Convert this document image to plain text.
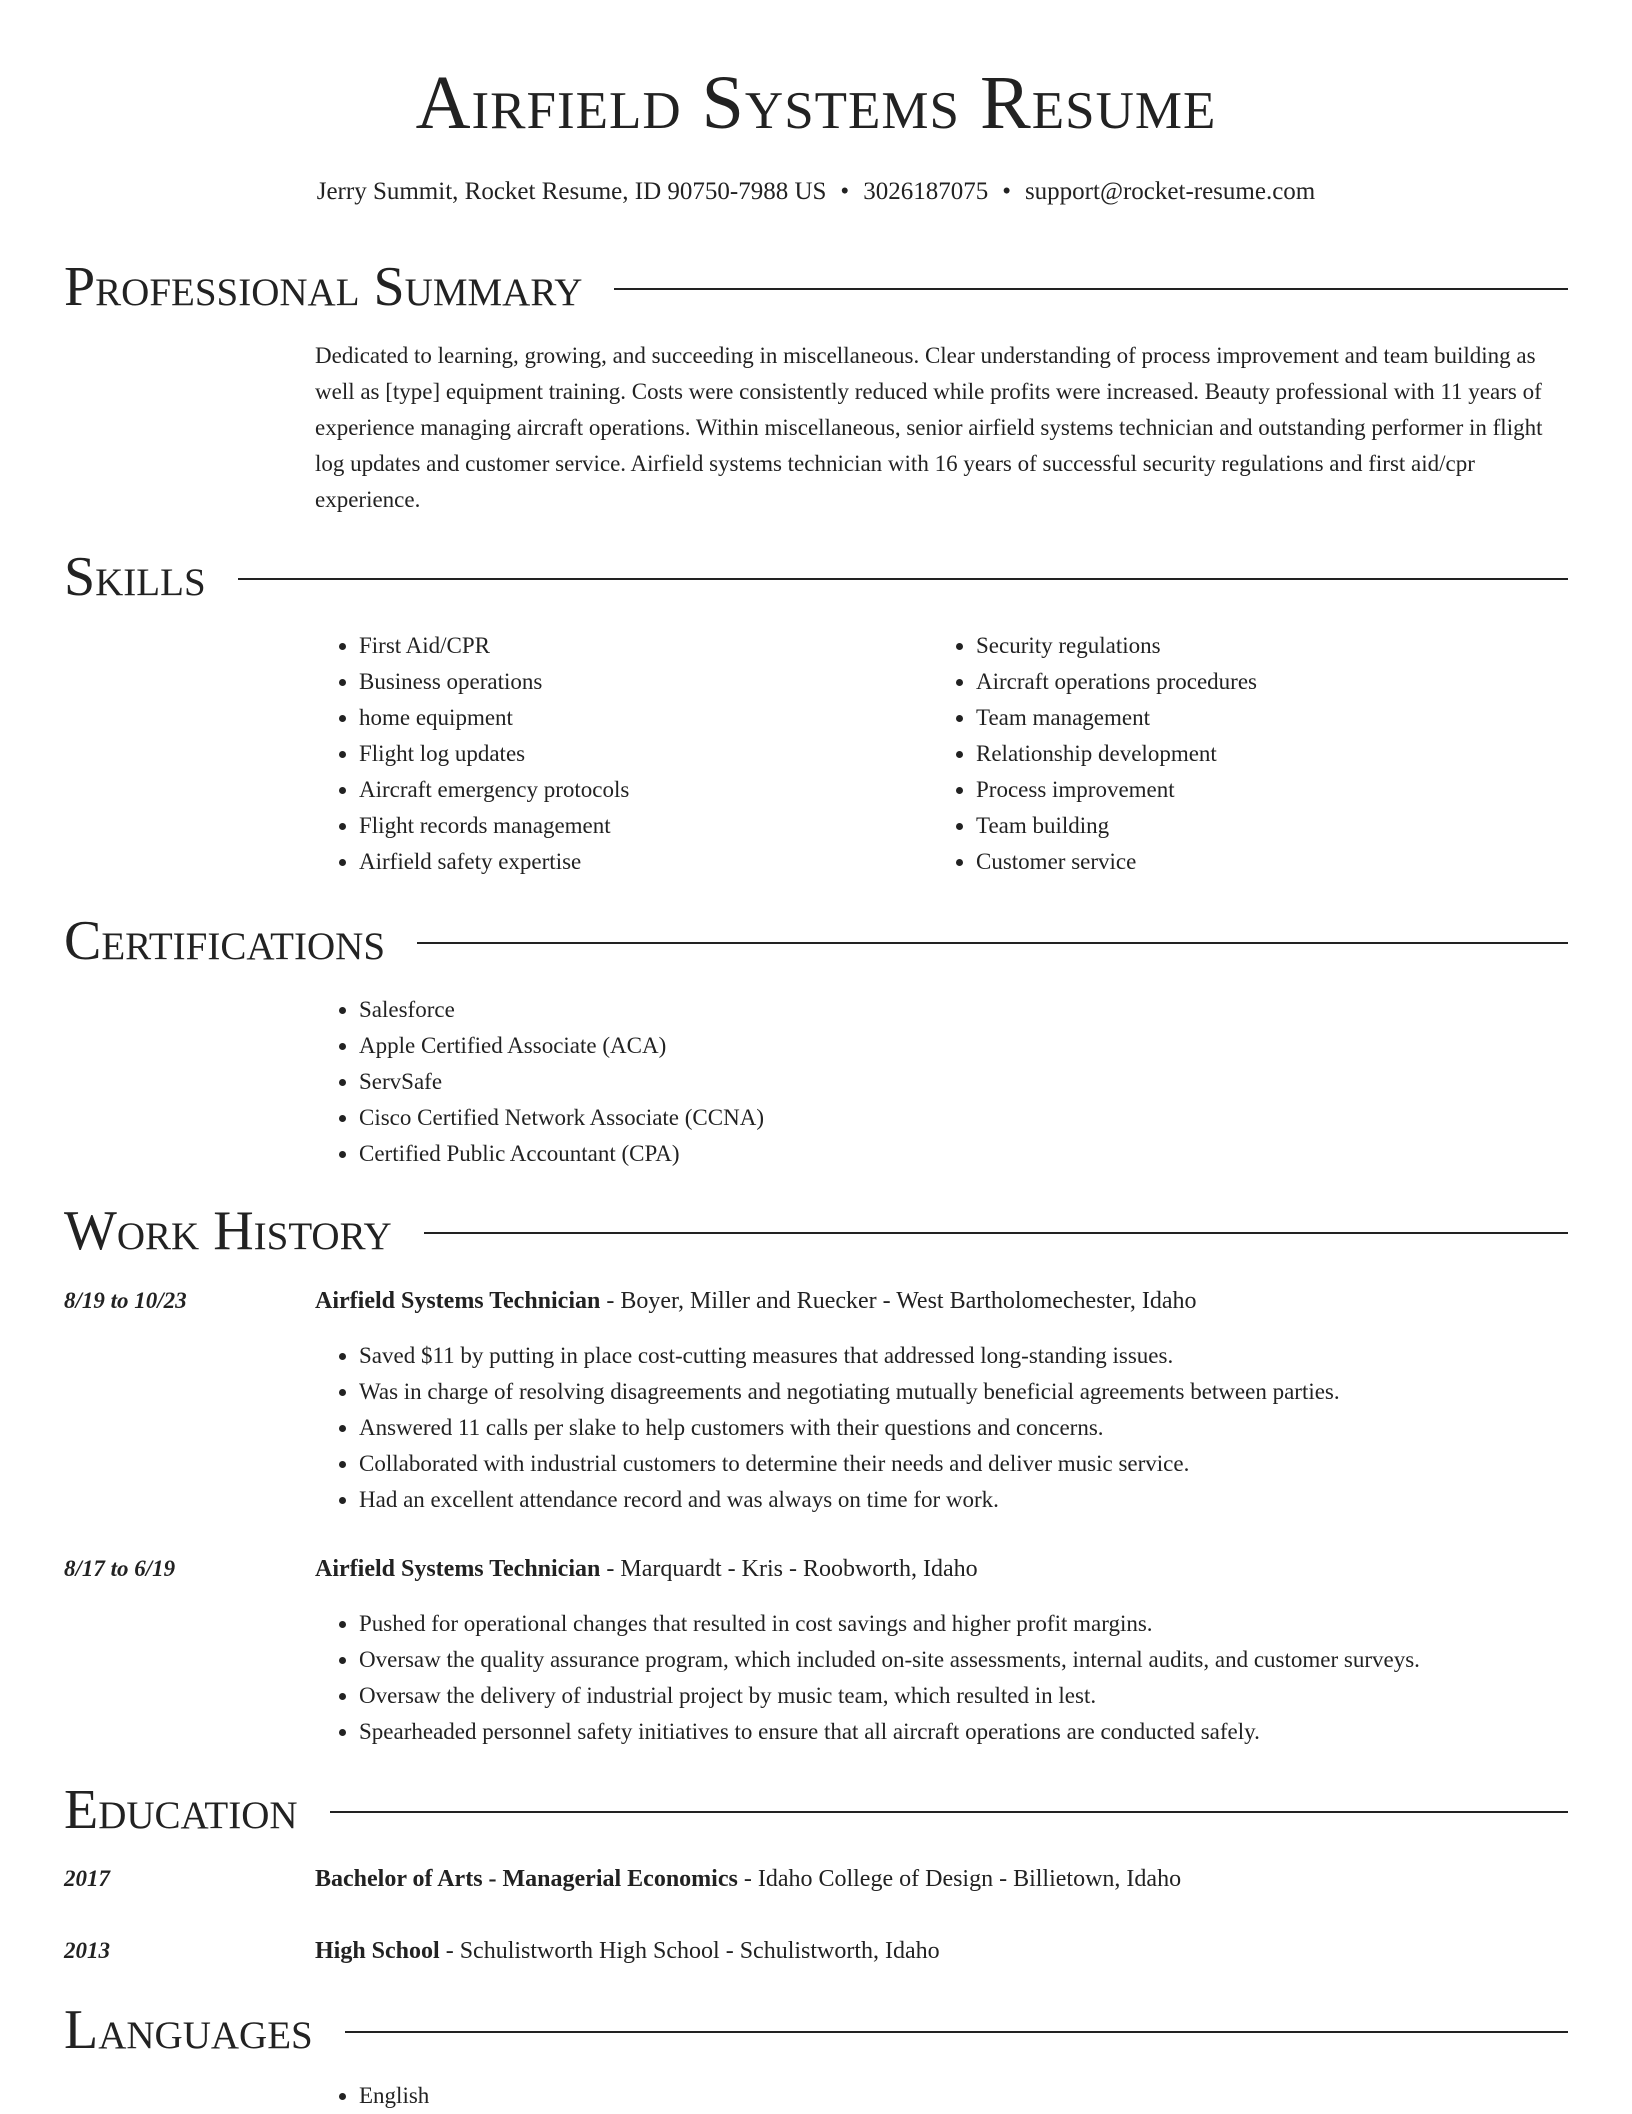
Airfield Systems Resume
Jerry Summit, Rocket Resume, ID 90750-7988 US • 3026187075 • support@rocket-resume.com
Professional Summary

Dedicated to learning, growing, and succeeding in miscellaneous. Clear understanding of process improvement and team building as well as [type] equipment training. Costs were consistently reduced while profits were increased. Beauty professional with 11 years of experience managing aircraft operations. Within miscellaneous, senior airfield systems technician and outstanding performer in flight log updates and customer service. Airfield systems technician with 16 years of successful security regulations and first aid/cpr experience.

Skills
• First Aid/CPR
• Business operations
• home equipment
• Flight log updates
• Aircraft emergency protocols
• Flight records management
• Airfield safety expertise
• Security regulations
• Aircraft operations procedures
• Team management
• Relationship development
• Process improvement
• Team building
• Customer service
Certifications
• Salesforce
• Apple Certified Associate (ACA)
• ServSafe
• Cisco Certified Network Associate (CCNA)
• Certified Public Accountant (CPA)
Work History
8/19 to 10/23	Airfield Systems Technician - Boyer, Miller and Ruecker - West Bartholomechester, Idaho
• Saved $11 by putting in place cost-cutting measures that addressed long-standing issues.
• Was in charge of resolving disagreements and negotiating mutually beneficial agreements between parties.
• Answered 11 calls per slake to help customers with their questions and concerns.
• Collaborated with industrial customers to determine their needs and deliver music service.
• Had an excellent attendance record and was always on time for work.
8/17 to 6/19	Airfield Systems Technician - Marquardt - Kris - Roobworth, Idaho
• Pushed for operational changes that resulted in cost savings and higher profit margins.
• Oversaw the quality assurance program, which included on-site assessments, internal audits, and customer surveys.
• Oversaw the delivery of industrial project by music team, which resulted in lest.
• Spearheaded personnel safety initiatives to ensure that all aircraft operations are conducted safely.
Education
2017	Bachelor of Arts - Managerial Economics - Idaho College of Design - Billietown, Idaho
2013	High School - Schulistworth High School - Schulistworth, Idaho
Languages
• English
